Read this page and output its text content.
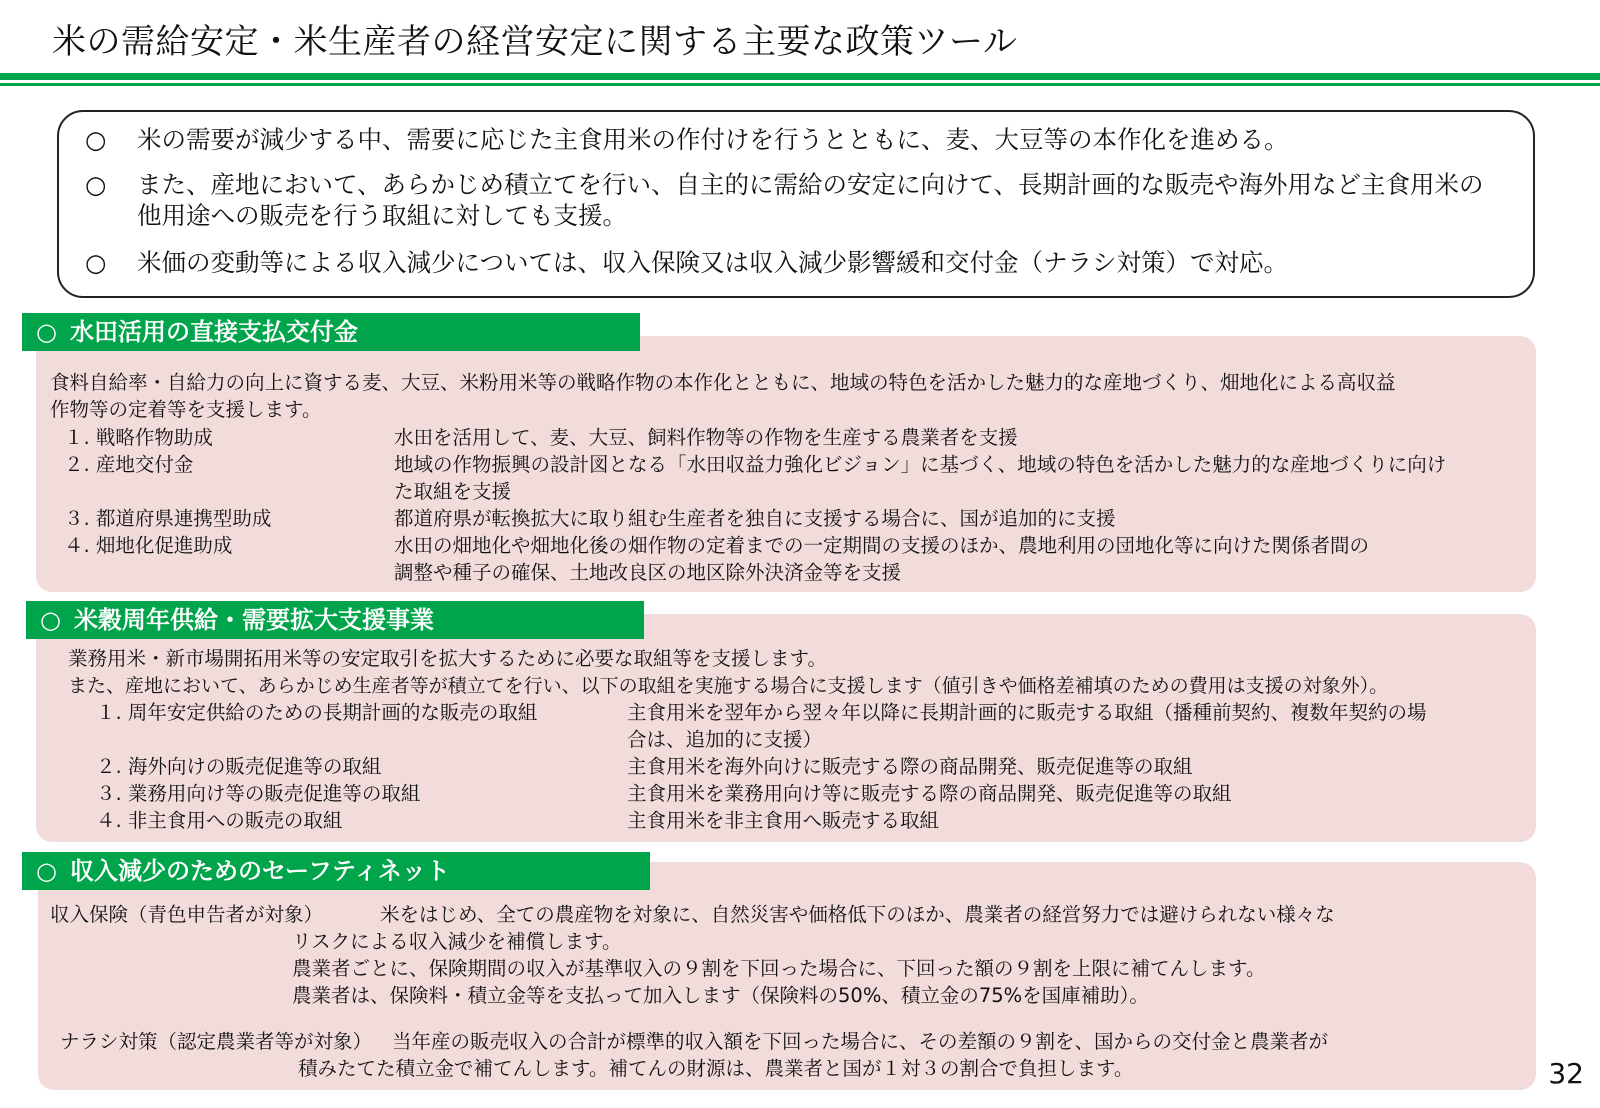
米の需給安定・米生産者の経営安定に関する主要な政策ツール
○ 米の需要が減少する中、需要に応じた主食用米の作付けを行うとともに、麦、大豆等の本作化を進める。
○ また、産地において、あらかじめ積立てを行い、自主的に需給の安定に向けて、長期計画的な販売や海外用など主食用米の他用途への販売を行う取組に対しても支援。
○ 米価の変動等による収入減少については、収入保険又は収入減少影響緩和交付金（ナラシ対策）で対応。
○ 水田活用の直接支払交付金
食料自給率・自給力の向上に資する麦、大豆、米粉用米等の戦略作物の本作化とともに、地域の特色を活かした魅力的な産地づくり、畑地化による高収益
作物等の定着等を支援します。
１. 戦略作物助成	水田を活用して、麦、大豆、飼料作物等の作物を生産する農業者を支援
２. 産地交付金	地域の作物振興の設計図となる「水田収益力強化ビジョン」に基づく、地域の特色を活かした魅力的な産地づくりに向け
た取組を支援
３. 都道府県連携型助成	都道府県が転換拡大に取り組む生産者を独自に支援する場合に、国が追加的に支援
４. 畑地化促進助成	水田の畑地化や畑地化後の畑作物の定着までの一定期間の支援のほか、農地利用の団地化等に向けた関係者間の
調整や種子の確保、土地改良区の地区除外決済金等を支援
○ 米穀周年供給・需要拡大支援事業
業務用米・新市場開拓用米等の安定取引を拡大するために必要な取組等を支援します。
また、産地において、あらかじめ生産者等が積立てを行い、以下の取組を実施する場合に支援します（値引きや価格差補填のための費用は支援の対象外）。
１. 周年安定供給のための長期計画的な販売の取組	主食用米を翌年から翌々年以降に長期計画的に販売する取組（播種前契約、複数年契約の場
合は、追加的に支援）
２. 海外向けの販売促進等の取組	主食用米を海外向けに販売する際の商品開発、販売促進等の取組
３. 業務用向け等の販売促進等の取組	主食用米を業務用向け等に販売する際の商品開発、販売促進等の取組
４. 非主食用への販売の取組	主食用米を非主食用へ販売する取組
○ 収入減少のためのセーフティネット
収入保険（青色申告者が対象）	米をはじめ、全ての農産物を対象に、自然災害や価格低下のほか、農業者の経営努力では避けられない様々な
リスクによる収入減少を補償します。
農業者ごとに、保険期間の収入が基準収入の９割を下回った場合に、下回った額の９割を上限に補てんします。
農業者は、保険料・積立金等を支払って加入します（保険料の50%、積立金の75%を国庫補助）。
ナラシ対策（認定農業者等が対象） 当年産の販売収入の合計が標準的収入額を下回った場合に、その差額の９割を、国からの交付金と農業者が
積みたてた積立金で補てんします。補てんの財源は、農業者と国が１対３の割合で負担します。	32
